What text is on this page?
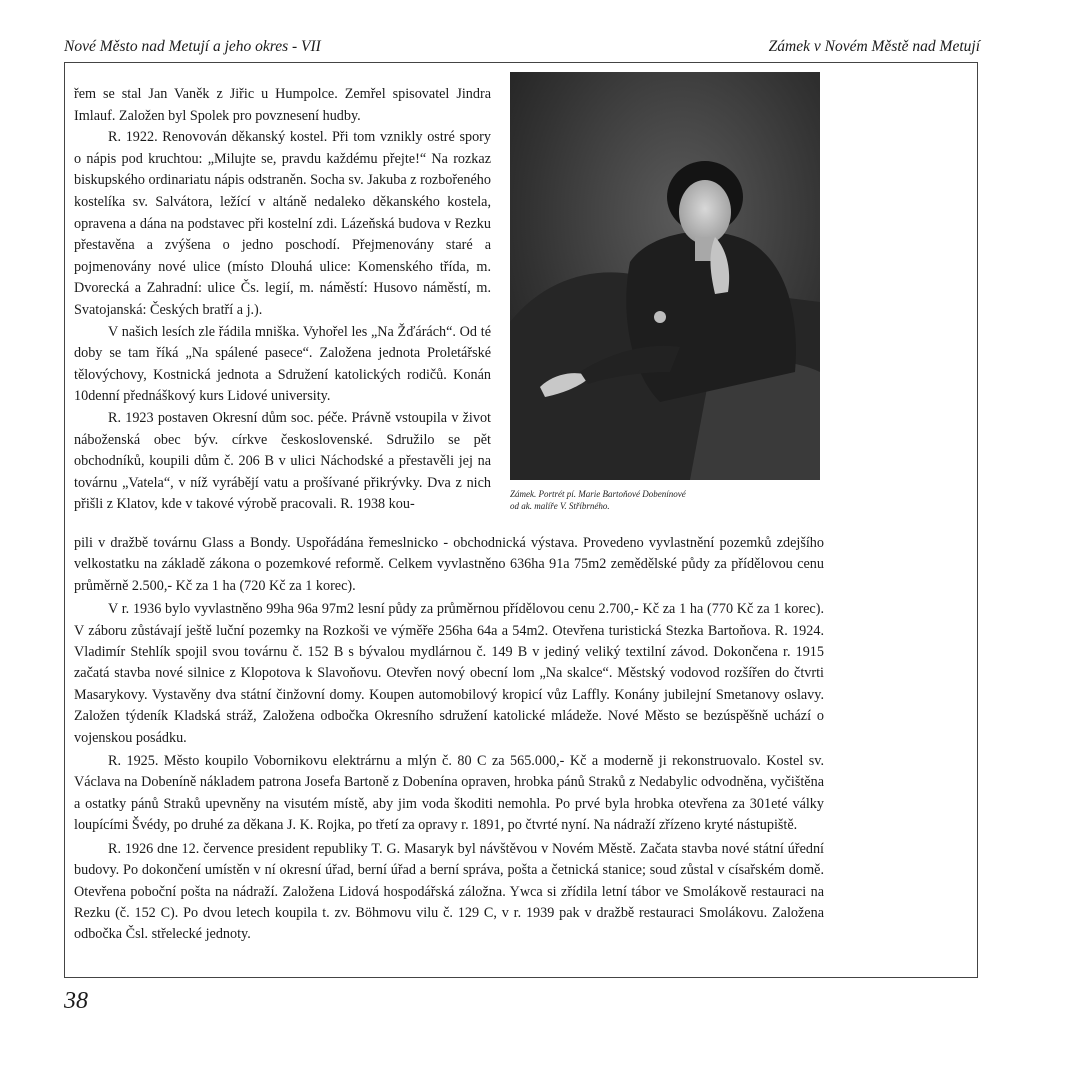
Nové Město nad Metují a jeho okres - VII	Zámek v Novém Městě nad Metují

řem se stal Jan Vaněk z Jiřic u Humpolce. Zemřel spisovatel Jindra Imlauf. Založen byl Spolek pro povznesení hudby.

R. 1922. Renovován děkanský kostel. Při tom vznikly ostré spory o nápis pod kruchtou: „Milujte se, pravdu každému přejte!“ Na rozkaz biskupského ordinariatu nápis odstraněn. Socha sv. Jakuba z rozbořeného kostelíka sv. Salvátora, ležící v altáně nedaleko děkanského kostela, opravena a dána na podstavec při kostelní zdi. Lázeňská budova v Rezku přestavěna a zvýšena o jedno poschodí. Přejmenovány staré a pojmenovány nové ulice (místo Dlouhá ulice: Komenského třída, m. Dvorecká a Zahradní: ulice Čs. legií, m. náměstí: Husovo náměstí, m. Svatojanská: Českých bratří a j.).

V našich lesích zle řádila mniška. Vyhořel les „Na Žďárách“. Od té doby se tam říká „Na spálené pasece“. Založena jednota Proletářské tělovýchovy, Kostnická jednota a Sdružení katolických rodičů. Konán 10denní přednáškový kurs Lidové university.

R. 1923 postaven Okresní dům soc. péče. Právně vstoupila v život náboženská obec býv. církve československé. Sdružilo se pět obchodníků, koupili dům č. 206 B v ulici Náchodské a přestavěli jej na továrnu „Vatela“, v níž vyrábějí vatu a prošívané přikrývky. Dva z nich přišli z Klatov, kde v takové výrobě pracovali. R. 1938 kou-

Zámek. Portrét pí. Marie Bartoňové Dobenínové
od ak. malíře V. Stříbrného.

pili v dražbě továrnu Glass a Bondy. Uspořádána řemeslnicko - obchodnická výstava. Provedeno vyvlastnění pozemků zdejšího velkostatku na základě zákona o pozemkové reformě. Celkem vyvlastněno 636ha 91a 75m2 zemědělské půdy za přídělovou cenu průměrně 2.500,- Kč za 1 ha (720 Kč za 1 korec).

V r. 1936 bylo vyvlastněno 99ha 96a 97m2 lesní půdy za průměrnou přídělovou cenu 2.700,- Kč za 1 ha (770 Kč za 1 korec). V záboru zůstávají ještě luční pozemky na Rozkoši ve výměře 256ha 64a a 54m2. Otevřena turistická Stezka Bartoňova. R. 1924. Vladimír Stehlík spojil svou továrnu č. 152 B s bývalou mydlárnou č. 149 B v jediný veliký textilní závod. Dokončena r. 1915 začatá stavba nové silnice z Klopotova k Slavoňovu. Otevřen nový obecní lom „Na skalce“. Městský vodovod rozšířen do čtvrti Masarykovy. Vystavěny dva státní činžovní domy. Koupen automobilový kropicí vůz Laffly. Konány jubilejní Smetanovy oslavy. Založen týdeník Kladská stráž, Založena odbočka Okresního sdružení katolické mládeže. Nové Město se bezúspěšně uchází o vojenskou posádku.

R. 1925. Město koupilo Vobornikovu elektrárnu a mlýn č. 80 C za 565.000,- Kč a moderně ji rekonstruovalo. Kostel sv. Václava na Dobeníně nákladem patrona Josefa Bartoně z Dobenína opraven, hrobka pánů Straků z Nedabylic odvodněna, vyčištěna a ostatky pánů Straků upevněny na visutém místě, aby jim voda škoditi nemohla. Po prvé byla hrobka otevřena za 301eté války loupícími Švédy, po druhé za děkana J. K. Rojka, po třetí za opravy r. 1891, po čtvrté nyní. Na nádraží zřízeno kryté nástupiště.

R. 1926 dne 12. července president republiky T. G. Masaryk byl návštěvou v Novém Městě. Začata stavba nové státní úřední budovy. Po dokončení umístěn v ní okresní úřad, berní úřad a berní správa, pošta a četnická stanice; soud zůstal v císařském domě. Otevřena poboční pošta na nádraží. Založena Lidová hospodářská záložna. Ywca si zřídila letní tábor ve Smolákově restauraci na Rezku (č. 152 C). Po dvou letech koupila t. zv. Böhmovu vilu č. 129 C, v r. 1939 pak v dražbě restauraci Smolákovu. Založena odbočka Čsl. střelecké jednoty.

38
